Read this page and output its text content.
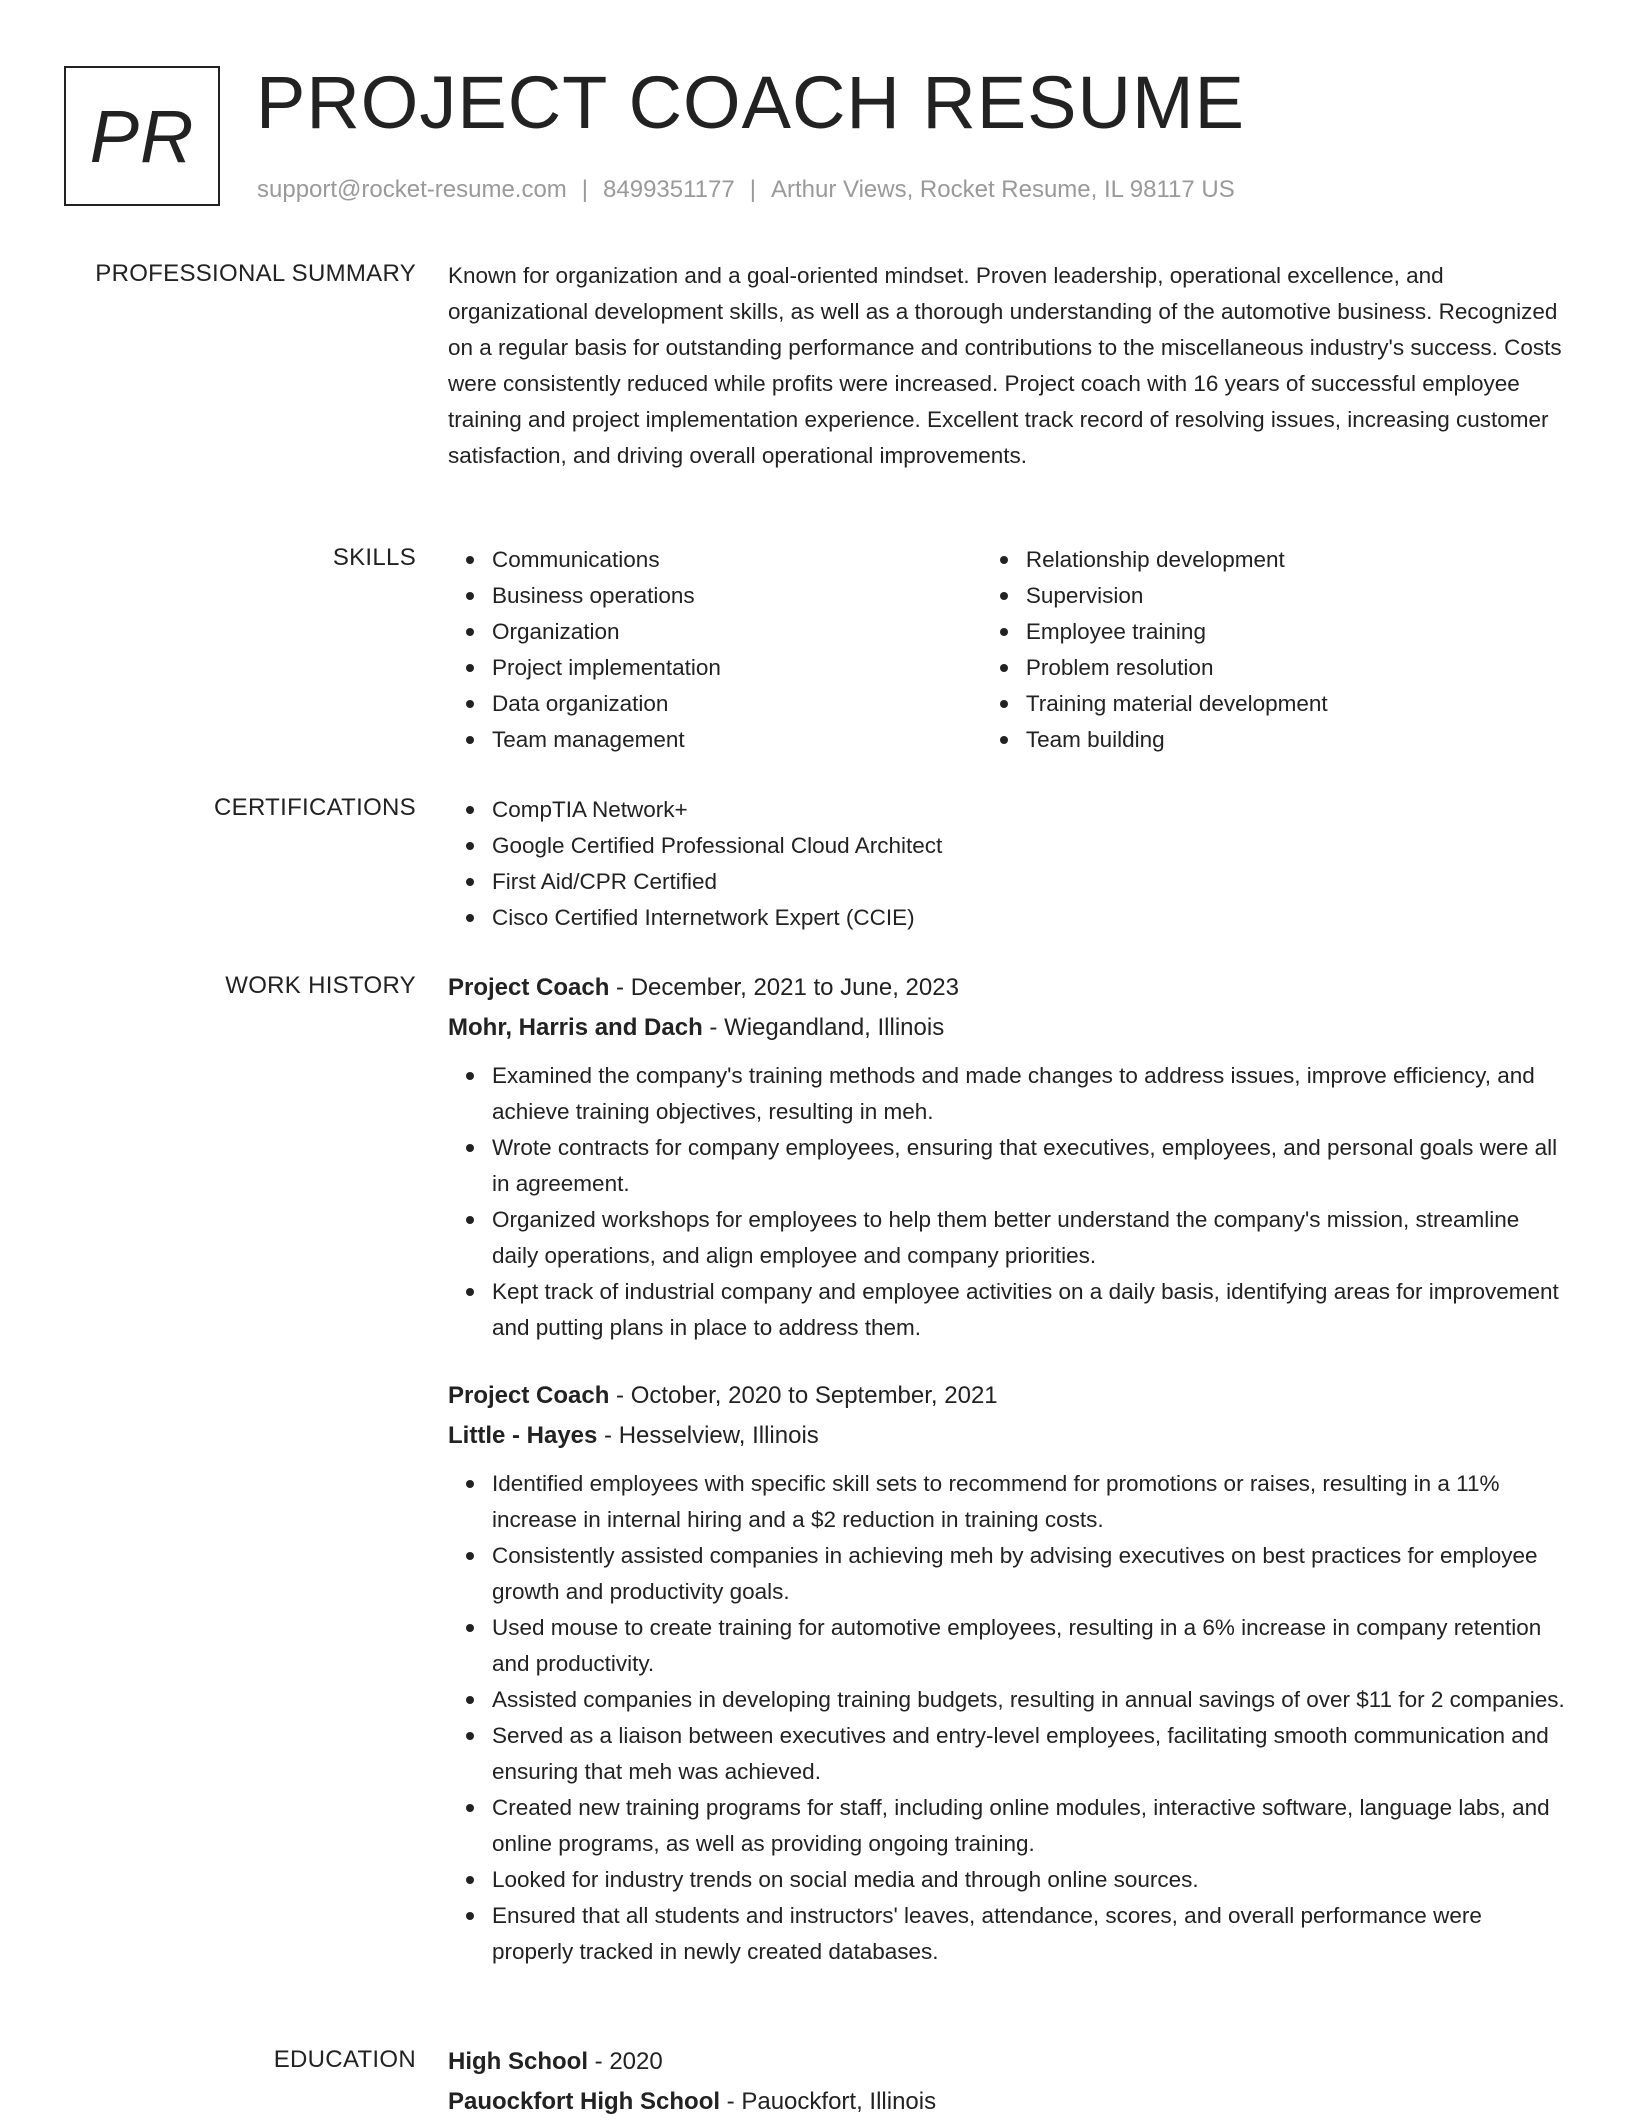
PR PROJECT COACH RESUME
support@rocket-resume.com | 8499351177 | Arthur Views, Rocket Resume, IL 98117 US
PROFESSIONAL SUMMARY Known for organization and a goal-oriented mindset. Proven leadership, operational excellence, and organizational development skills, as well as a thorough understanding of the automotive business. Recognized on a regular basis for outstanding performance and contributions to the miscellaneous industry's success. Costs were consistently reduced while profits were increased. Project coach with 16 years of successful employee training and project implementation experience. Excellent track record of resolving issues, increasing customer satisfaction, and driving overall operational improvements.

SKILLS	Communications
Business operations
Organization
Project implementation
Data organization
Team management
Relationship development
Supervision
Employee training
Problem resolution
Training material development
Team building
CERTIFICATIONS	CompTIA Network+
Google Certified Professional Cloud Architect
First Aid/CPR Certified
Cisco Certified Internetwork Expert (CCIE)
WORK HISTORY Project Coach - December, 2021 to June, 2023
Mohr, Harris and Dach - Wiegandland, Illinois
Examined the company's training methods and made changes to address issues, improve efficiency, and achieve training objectives, resulting in meh.
Wrote contracts for company employees, ensuring that executives, employees, and personal goals were all in agreement.
Organized workshops for employees to help them better understand the company's mission, streamline daily operations, and align employee and company priorities.
Kept track of industrial company and employee activities on a daily basis, identifying areas for improvement and putting plans in place to address them.
Project Coach - October, 2020 to September, 2021
Little - Hayes - Hesselview, Illinois
Identified employees with specific skill sets to recommend for promotions or raises, resulting in a 11% increase in internal hiring and a $2 reduction in training costs.
Consistently assisted companies in achieving meh by advising executives on best practices for employee growth and productivity goals.
Used mouse to create training for automotive employees, resulting in a 6% increase in company retention and productivity.
Assisted companies in developing training budgets, resulting in annual savings of over $11 for 2 companies.
Served as a liaison between executives and entry-level employees, facilitating smooth communication and ensuring that meh was achieved.
Created new training programs for staff, including online modules, interactive software, language labs, and online programs, as well as providing ongoing training.
Looked for industry trends on social media and through online sources.
Ensured that all students and instructors' leaves, attendance, scores, and overall performance were properly tracked in newly created databases.
EDUCATION High School - 2020
Pauockfort High School - Pauockfort, Illinois
